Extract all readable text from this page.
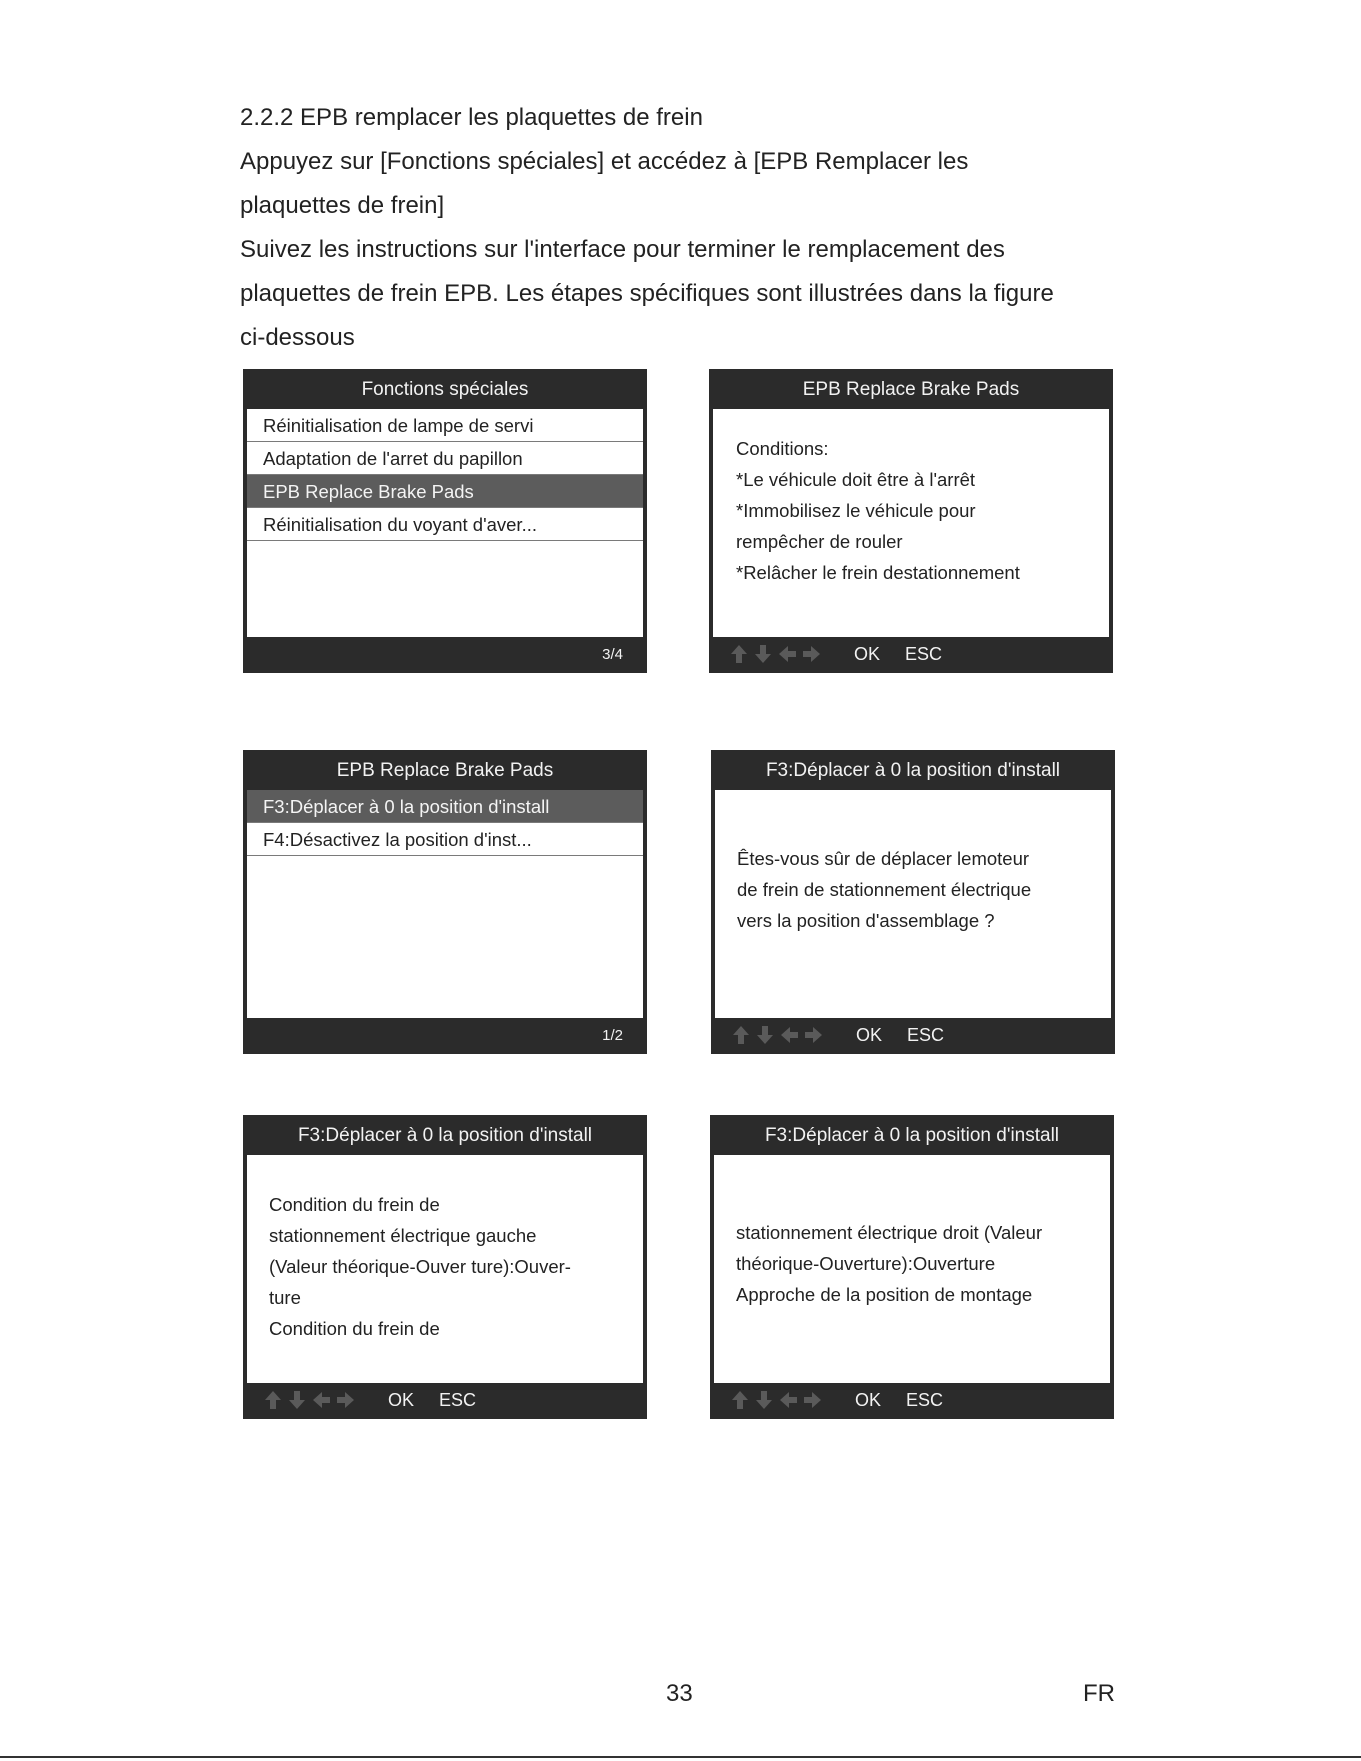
2.2.2 EPB remplacer les plaquettes de frein

Appuyez sur [Fonctions spéciales] et accédez à [EPB Remplacer les

plaquettes de frein]

Suivez les instructions sur l'interface pour terminer le remplacement des

plaquettes de frein EPB. Les étapes spécifiques sont illustrées dans la figure

ci-dessous

Fonctions spéciales
Réinitialisation de lampe de servi
Adaptation de l'arret du papillon
EPB Replace Brake Pads
Réinitialisation du voyant d'aver...
3/4
EPB Replace Brake Pads
Conditions:
*Le véhicule doit être à l'arrêt
*Immobilisez le véhicule pour
rempêcher de rouler
*Relâcher le frein destationnement
OK ESC
EPB Replace Brake Pads
F3:Déplacer à 0 la position d'install
F4:Désactivez la position d'inst...
1/2
F3:Déplacer à 0 la position d'install
Êtes-vous sûr de déplacer lemoteur
de frein de stationnement électrique
vers la position d'assemblage ?
OK ESC
F3:Déplacer à 0 la position d'install
Condition du frein de
stationnement électrique gauche
(Valeur théorique-Ouver ture):Ouver-
ture
Condition du frein de
OK ESC
F3:Déplacer à 0 la position d'install
stationnement électrique droit (Valeur
théorique-Ouverture):Ouverture
Approche de la position de montage
OK ESC
33	FR
